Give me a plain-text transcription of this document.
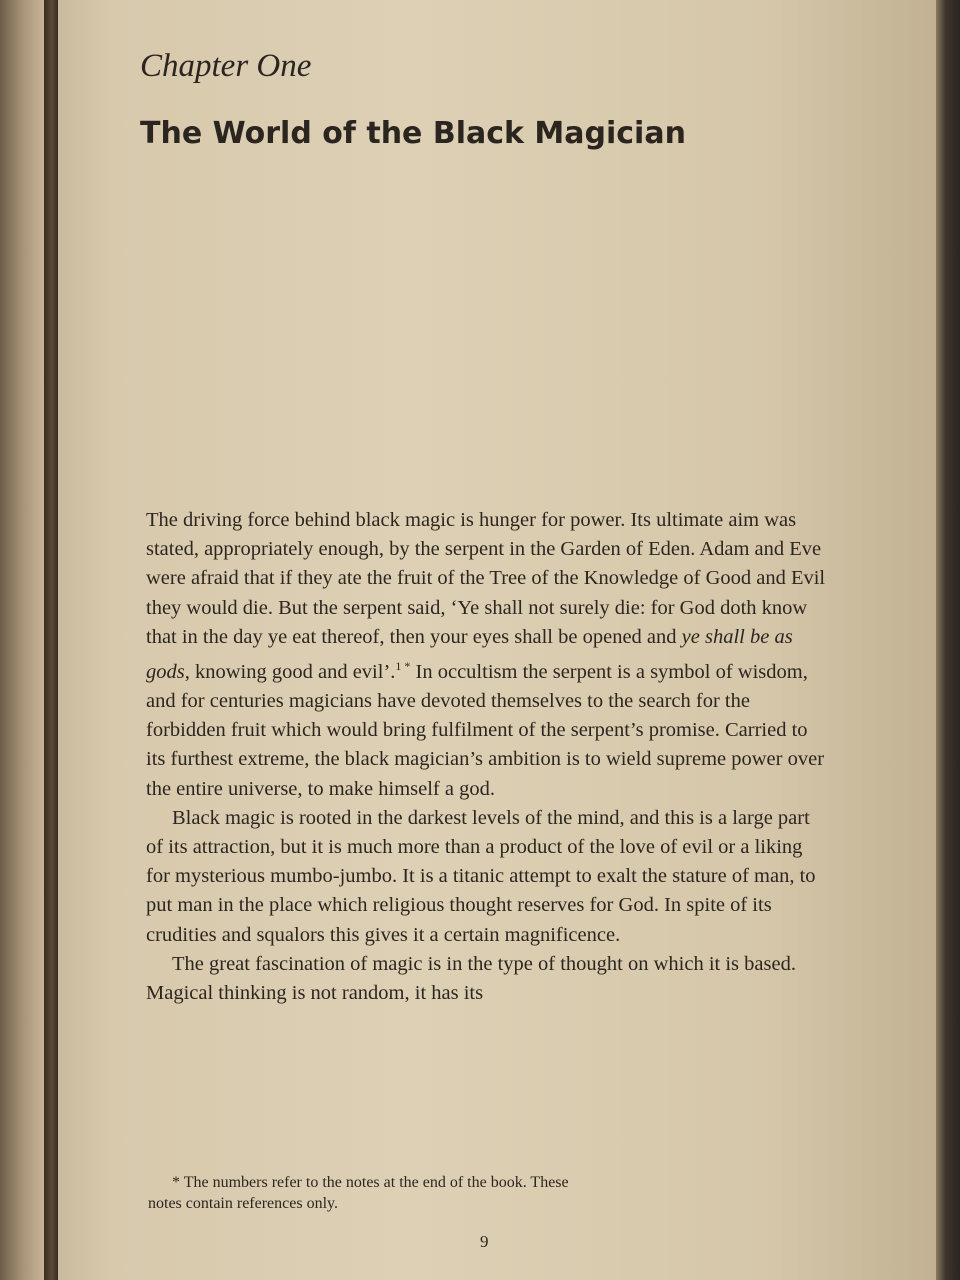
Chapter One
The World of the Black Magician

The driving force behind black magic is hunger for power. Its ultimate aim was stated, appropriately enough, by the serpent in the Garden of Eden. Adam and Eve were afraid that if they ate the fruit of the Tree of the Knowledge of Good and Evil they would die. But the serpent said, ‘Ye shall not surely die: for God doth know that in the day ye eat thereof, then your eyes shall be opened and ye shall be as gods, knowing good and evil’.$^{1 *}$ In occultism the serpent is a symbol of wisdom, and for centuries magicians have devoted themselves to the search for the forbidden fruit which would bring fulfilment of the serpent’s promise. Carried to its furthest extreme, the black magician’s ambition is to wield supreme power over the entire universe, to make himself a god.

Black magic is rooted in the darkest levels of the mind, and this is a large part of its attraction, but it is much more than a product of the love of evil or a liking for mysterious mumbo-jumbo. It is a titanic attempt to exalt the stature of man, to put man in the place which religious thought reserves for God. In spite of its crudities and squalors this gives it a certain magnificence.

The great fascination of magic is in the type of thought on which it is based. Magical thinking is not random, it has its

* The numbers refer to the notes at the end of the book. These
notes contain references only.
9
